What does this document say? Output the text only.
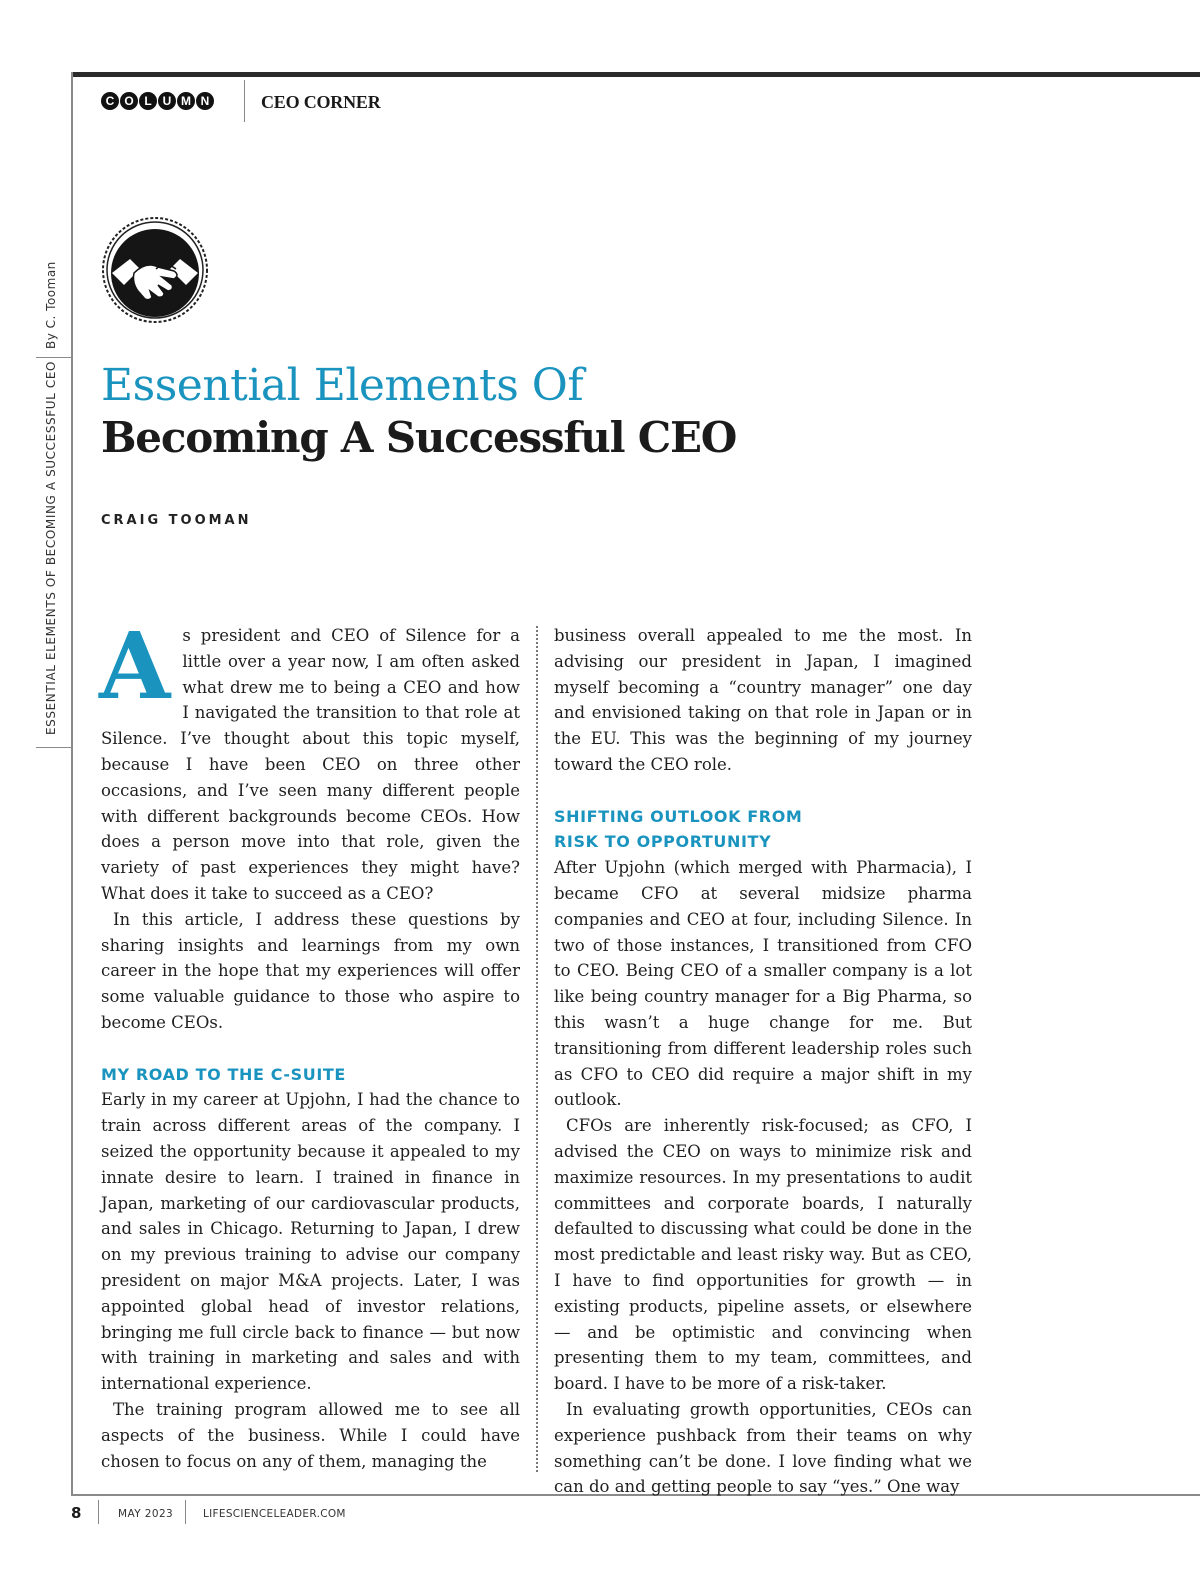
C O L U M N	CEO CORNER
By C. Tooman
ESSENTIAL ELEMENTS OF BECOMING A SUCCESSFUL CEO Essential Elements Of
Becoming A Successful CEO
CRAIG TOOMAN

As president and CEO of Silence for a little over a year now, I am often asked what drew me to being a CEO and how I navigated the transition to that role at Silence. I’ve thought about this topic myself, because I have been CEO on three other occasions, and I’ve seen many different people with different backgrounds become CEOs. How does a person move into that role, given the variety of past experiences they might have? What does it take to succeed as a CEO?

In this article, I address these questions by sharing insights and learnings from my own career in the hope that my experiences will offer some valuable guidance to those who aspire to become CEOs.

MY ROAD TO THE C-SUITE

Early in my career at Upjohn, I had the chance to train across different areas of the company. I seized the opportunity because it appealed to my innate desire to learn. I trained in finance in Japan, marketing of our cardiovascular products, and sales in Chicago. Returning to Japan, I drew on my previous training to advise our company president on major M&A projects. Later, I was appointed global head of investor relations, bringing me full circle back to finance — but now with training in marketing and sales and with international experience.

The training program allowed me to see all aspects of the business. While I could have chosen to focus on any of them, managing the

business overall appealed to me the most. In advising our president in Japan, I imagined myself becoming a “country manager” one day and envisioned taking on that role in Japan or in the EU. This was the beginning of my journey toward the CEO role.

SHIFTING OUTLOOK FROM
RISK TO OPPORTUNITY

After Upjohn (which merged with Pharmacia), I became CFO at several midsize pharma companies and CEO at four, including Silence. In two of those instances, I transitioned from CFO to CEO. Being CEO of a smaller company is a lot like being country manager for a Big Pharma, so this wasn’t a huge change for me. But transitioning from different leadership roles such as CFO to CEO did require a major shift in my outlook.

CFOs are inherently risk-focused; as CFO, I advised the CEO on ways to minimize risk and maximize resources. In my presentations to audit committees and corporate boards, I naturally defaulted to discussing what could be done in the most predictable and least risky way. But as CEO, I have to find opportunities for growth — in existing products, pipeline assets, or elsewhere — and be optimistic and convincing when presenting them to my team, committees, and board. I have to be more of a risk-taker.

In evaluating growth opportunities, CEOs can experience pushback from their teams on why something can’t be done. I love finding what we can do and getting people to say “yes.” One way

8	MAY 2023	LIFESCIENCELEADER.COM
